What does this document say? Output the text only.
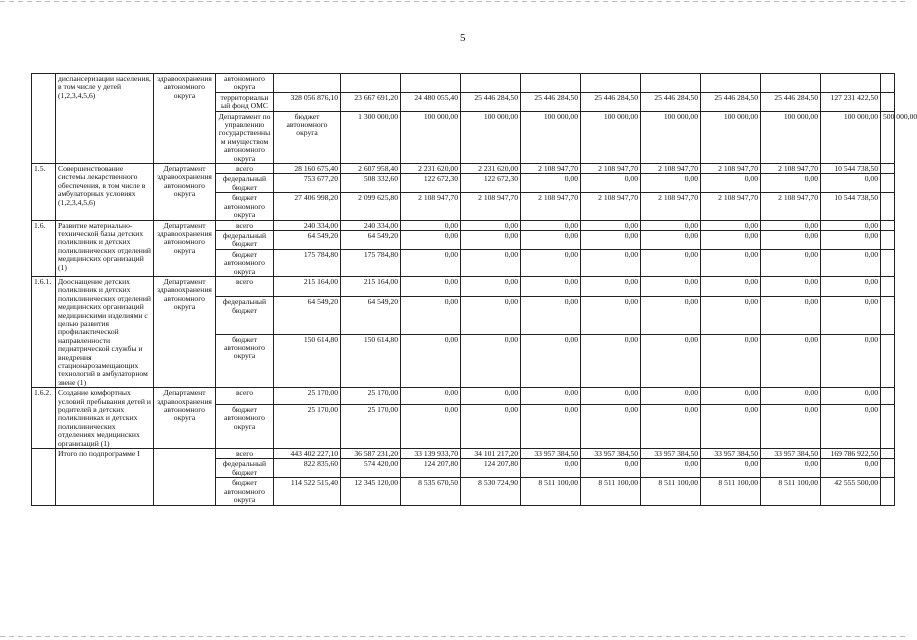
5
	диспансеризации населения, в том числе у детей (1,2,3,4,5,6)	здравоохранения автономного округа	автономного округа												
			территориальный фонд ОМС	328 056 876,10	23 667 691,20	24 480 055,40	25 446 284,50	25 446 284,50	25 446 284,50	25 446 284,50	25 446 284,50	25 446 284,50	127 231 422,50		
			Департамент по управлению государственным имуществом автономного округа	бюджет автономного округа	1 300 000,00	100 000,00	100 000,00	100 000,00	100 000,00	100 000,00	100 000,00	100 000,00	100 000,00	500 000,00	
1.5.	Совершенствование системы лекарственного обеспечения, в том числе в амбулаторных условиях (1,2,3,4,5,6)	Департамент здравоохранения автономного округа	всего	28 160 675,40	2 607 958,40	2 231 620,00	2 231 620,00	2 108 947,70	2 108 947,70	2 108 947,70	2 108 947,70	2 108 947,70	10 544 738,50		
			федеральный бюджет	753 677,20	508 332,60	122 672,30	122 672,30	0,00	0,00	0,00	0,00	0,00	0,00		
			бюджет автономного округа	27 406 998,20	2 099 625,80	2 108 947,70	2 108 947,70	2 108 947,70	2 108 947,70	2 108 947,70	2 108 947,70	2 108 947,70	10 544 738,50		
1.6.	Развитие материально-технической базы детских поликлиник и детских поликлинических отделений медицинских организаций (1)	Департамент здравоохранения автономного округа	всего	240 334,00	240 334,00	0,00	0,00	0,00	0,00	0,00	0,00	0,00	0,00		
			федеральный бюджет	64 549,20	64 549,20	0,00	0,00	0,00	0,00	0,00	0,00	0,00	0,00		
			бюджет автономного округа	175 784,80	175 784,80	0,00	0,00	0,00	0,00	0,00	0,00	0,00	0,00		
1.6.1.	Дооснащение детских поликлиник и детских поликлинических отделений медицинских организаций медицинскими изделиями с целью развития профилактической направленности педиатрической службы и внедрения стационарозамещающих технологий в амбулаторном звене (1)	Департамент здравоохранения автономного округа	всего	215 164,00	215 164,00	0,00	0,00	0,00	0,00	0,00	0,00	0,00	0,00		
			федеральный бюджет	64 549,20	64 549,20	0,00	0,00	0,00	0,00	0,00	0,00	0,00	0,00		
			бюджет автономного округа	150 614,80	150 614,80	0,00	0,00	0,00	0,00	0,00	0,00	0,00	0,00		
1.6.2.	Создание комфортных условий пребывания детей и родителей в детских поликлиниках и детских поликлинических отделениях медицинских организаций (1)	Департамент здравоохранения автономного округа	всего	25 170,00	25 170,00	0,00	0,00	0,00	0,00	0,00	0,00	0,00	0,00		
			бюджет автономного округа	25 170,00	25 170,00	0,00	0,00	0,00	0,00	0,00	0,00	0,00	0,00		
	Итого по подпрограмме I		всего	443 402 227,10	36 587 231,20	33 139 933,70	34 101 217,20	33 957 384,50	33 957 384,50	33 957 384,50	33 957 384,50	33 957 384,50	169 786 922,50		
			федеральный бюджет	822 835,60	574 420,00	124 207,80	124 207,80	0,00	0,00	0,00	0,00	0,00	0,00		
			бюджет автономного округа	114 522 515,40	12 345 120,00	8 535 670,50	8 530 724,90	8 511 100,00	8 511 100,00	8 511 100,00	8 511 100,00	8 511 100,00	42 555 500,00		
